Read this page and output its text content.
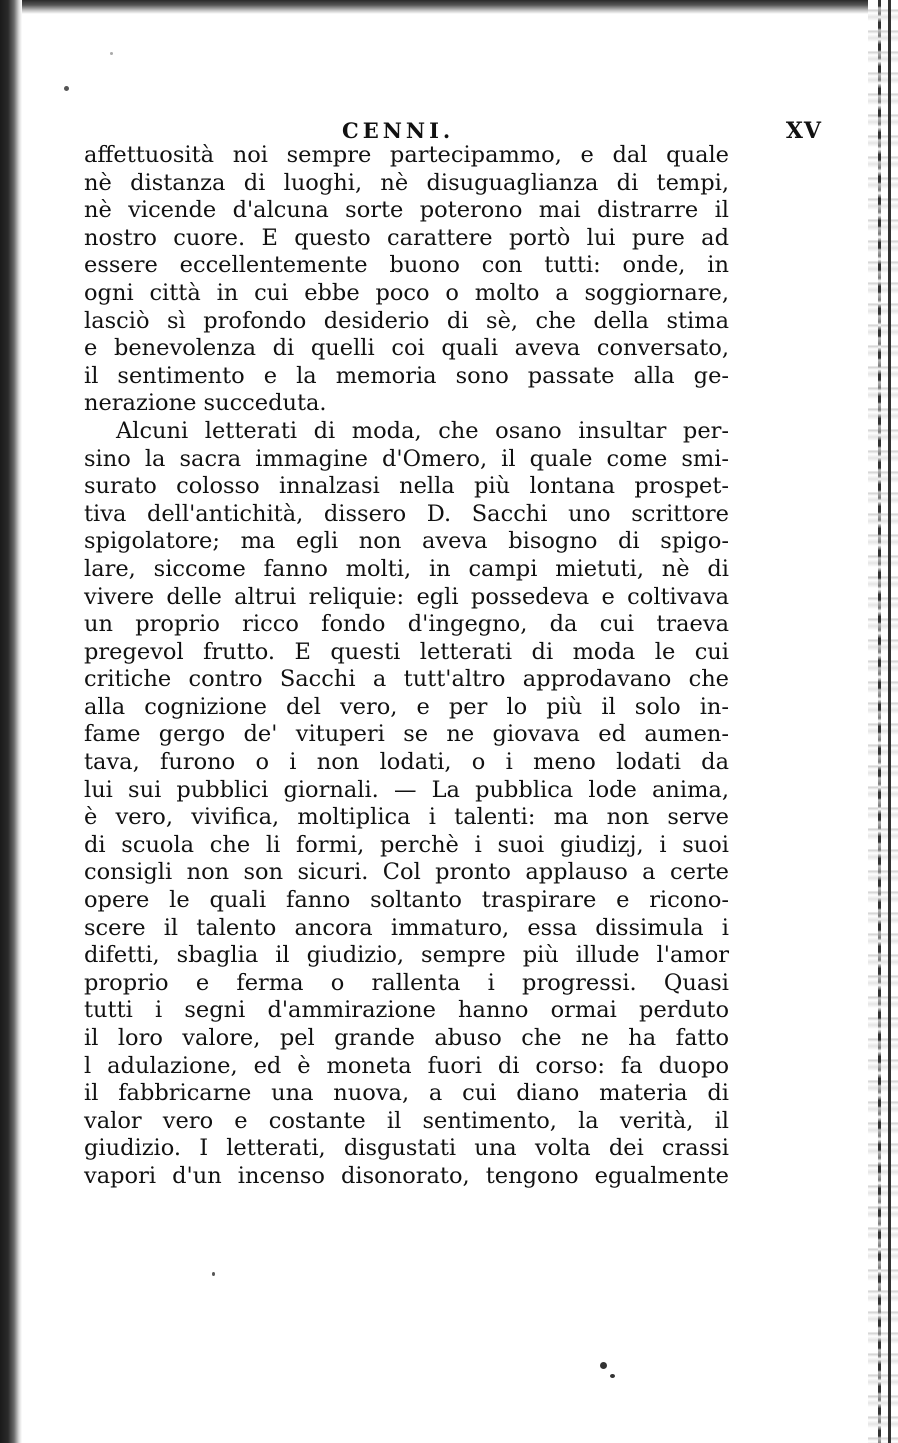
CENNI.	XV
affettuosità noi sempre partecipammo, e dal quale
nè distanza di luoghi, nè disuguaglianza di tempi,
nè vicende d'alcuna sorte poterono mai distrarre il
nostro cuore. E questo carattere portò lui pure ad
essere eccellentemente buono con tutti: onde, in
ogni città in cui ebbe poco o molto a soggiornare,
lasciò sì profondo desiderio di sè, che della stima
e benevolenza di quelli coi quali aveva conversato,
il sentimento e la memoria sono passate alla ge-
nerazione succeduta.
Alcuni letterati di moda, che osano insultar per-
sino la sacra immagine d'Omero, il quale come smi-
surato colosso innalzasi nella più lontana prospet-
tiva dell'antichità, dissero D. Sacchi uno scrittore
spigolatore; ma egli non aveva bisogno di spigo-
lare, siccome fanno molti, in campi mietuti, nè di
vivere delle altrui reliquie: egli possedeva e coltivava
un proprio ricco fondo d'ingegno, da cui traeva
pregevol frutto. E questi letterati di moda le cui
critiche contro Sacchi a tutt'altro approdavano che
alla cognizione del vero, e per lo più il solo in-
fame gergo de' vituperi se ne giovava ed aumen-
tava, furono o i non lodati, o i meno lodati da
lui sui pubblici giornali. — La pubblica lode anima,
è vero, vivifica, moltiplica i talenti: ma non serve
di scuola che li formi, perchè i suoi giudizj, i suoi
consigli non son sicuri. Col pronto applauso a certe
opere le quali fanno soltanto traspirare e ricono-
scere il talento ancora immaturo, essa dissimula i
difetti, sbaglia il giudizio, sempre più illude l'amor
proprio e ferma o rallenta i progressi. Quasi
tutti i segni d'ammirazione hanno ormai perduto
il loro valore, pel grande abuso che ne ha fatto
l adulazione, ed è moneta fuori di corso: fa duopo
il fabbricarne una nuova, a cui diano materia di
valor vero e costante il sentimento, la verità, il
giudizio. I letterati, disgustati una volta dei crassi
vapori d'un incenso disonorato, tengono egualmente
